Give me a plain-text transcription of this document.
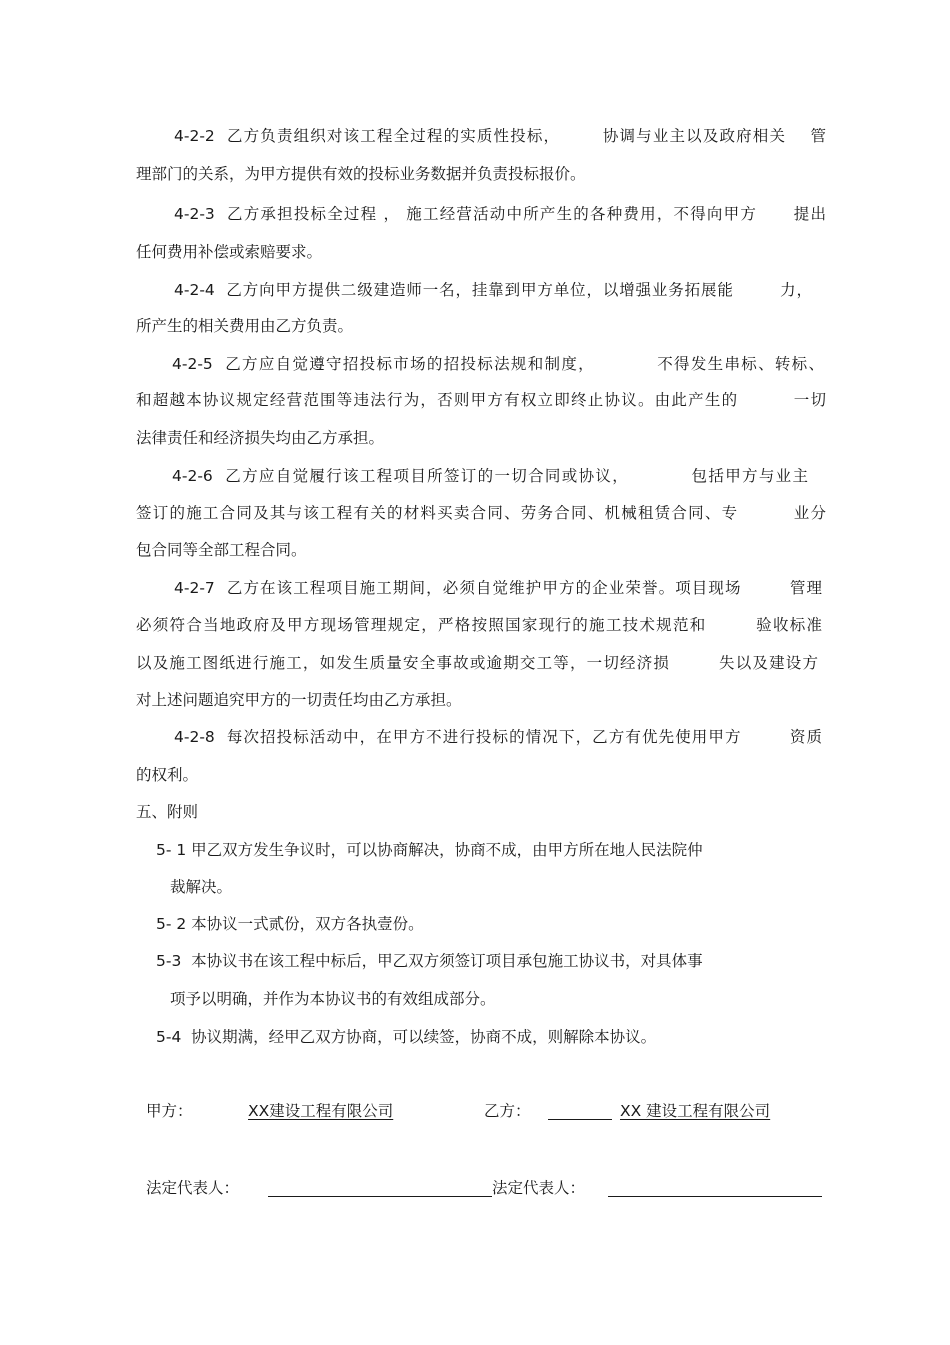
4-2-2  乙方负责组织对该工程全过程的实质性投标，       协调与业主以及政府相关    管
理部门的关系，为甲方提供有效的投标业务数据并负责投标报价。
4-2-3  乙方承担投标全过程 ， 施工经营活动中所产生的各种费用，不得向甲方      提出
任何费用补偿或索赔要求。
4-2-4  乙方向甲方提供二级建造师一名，挂靠到甲方单位，以增强业务拓展能        力，
所产生的相关费用由乙方负责。
4-2-5  乙方应自觉遵守招投标市场的招投标法规和制度，          不得发生串标、转标、
和超越本协议规定经营范围等违法行为，否则甲方有权立即终止协议。由此产生的         一切
法律责任和经济损失均由乙方承担。
4-2-6  乙方应自觉履行该工程项目所签订的一切合同或协议，          包括甲方与业主
签订的施工合同及其与该工程有关的材料买卖合同、劳务合同、机械租赁合同、专         业分
包合同等全部工程合同。
4-2-7  乙方在该工程项目施工期间，必须自觉维护甲方的企业荣誉。项目现场        管理
必须符合当地政府及甲方现场管理规定，严格按照国家现行的施工技术规范和        验收标准
以及施工图纸进行施工，如发生质量安全事故或逾期交工等，一切经济损        失以及建设方
对上述问题追究甲方的一切责任均由乙方承担。
4-2-8  每次招投标活动中，在甲方不进行投标的情况下，乙方有优先使用甲方        资质
的权利。
五、附则
5- 1 甲乙双方发生争议时，可以协商解决，协商不成，由甲方所在地人民法院仲
裁解决。
5- 2 本协议一式贰份，双方各执壹份。
5-3  本协议书在该工程中标后，甲乙双方须签订项目承包施工协议书，对具体事
项予以明确，并作为本协议书的有效组成部分。
5-4  协议期满，经甲乙双方协商，可以续签，协商不成，则解除本协议。
甲方：	XX建设工程有限公司	乙方：	XX 建设工程有限公司
法定代表人：	法定代表人：
